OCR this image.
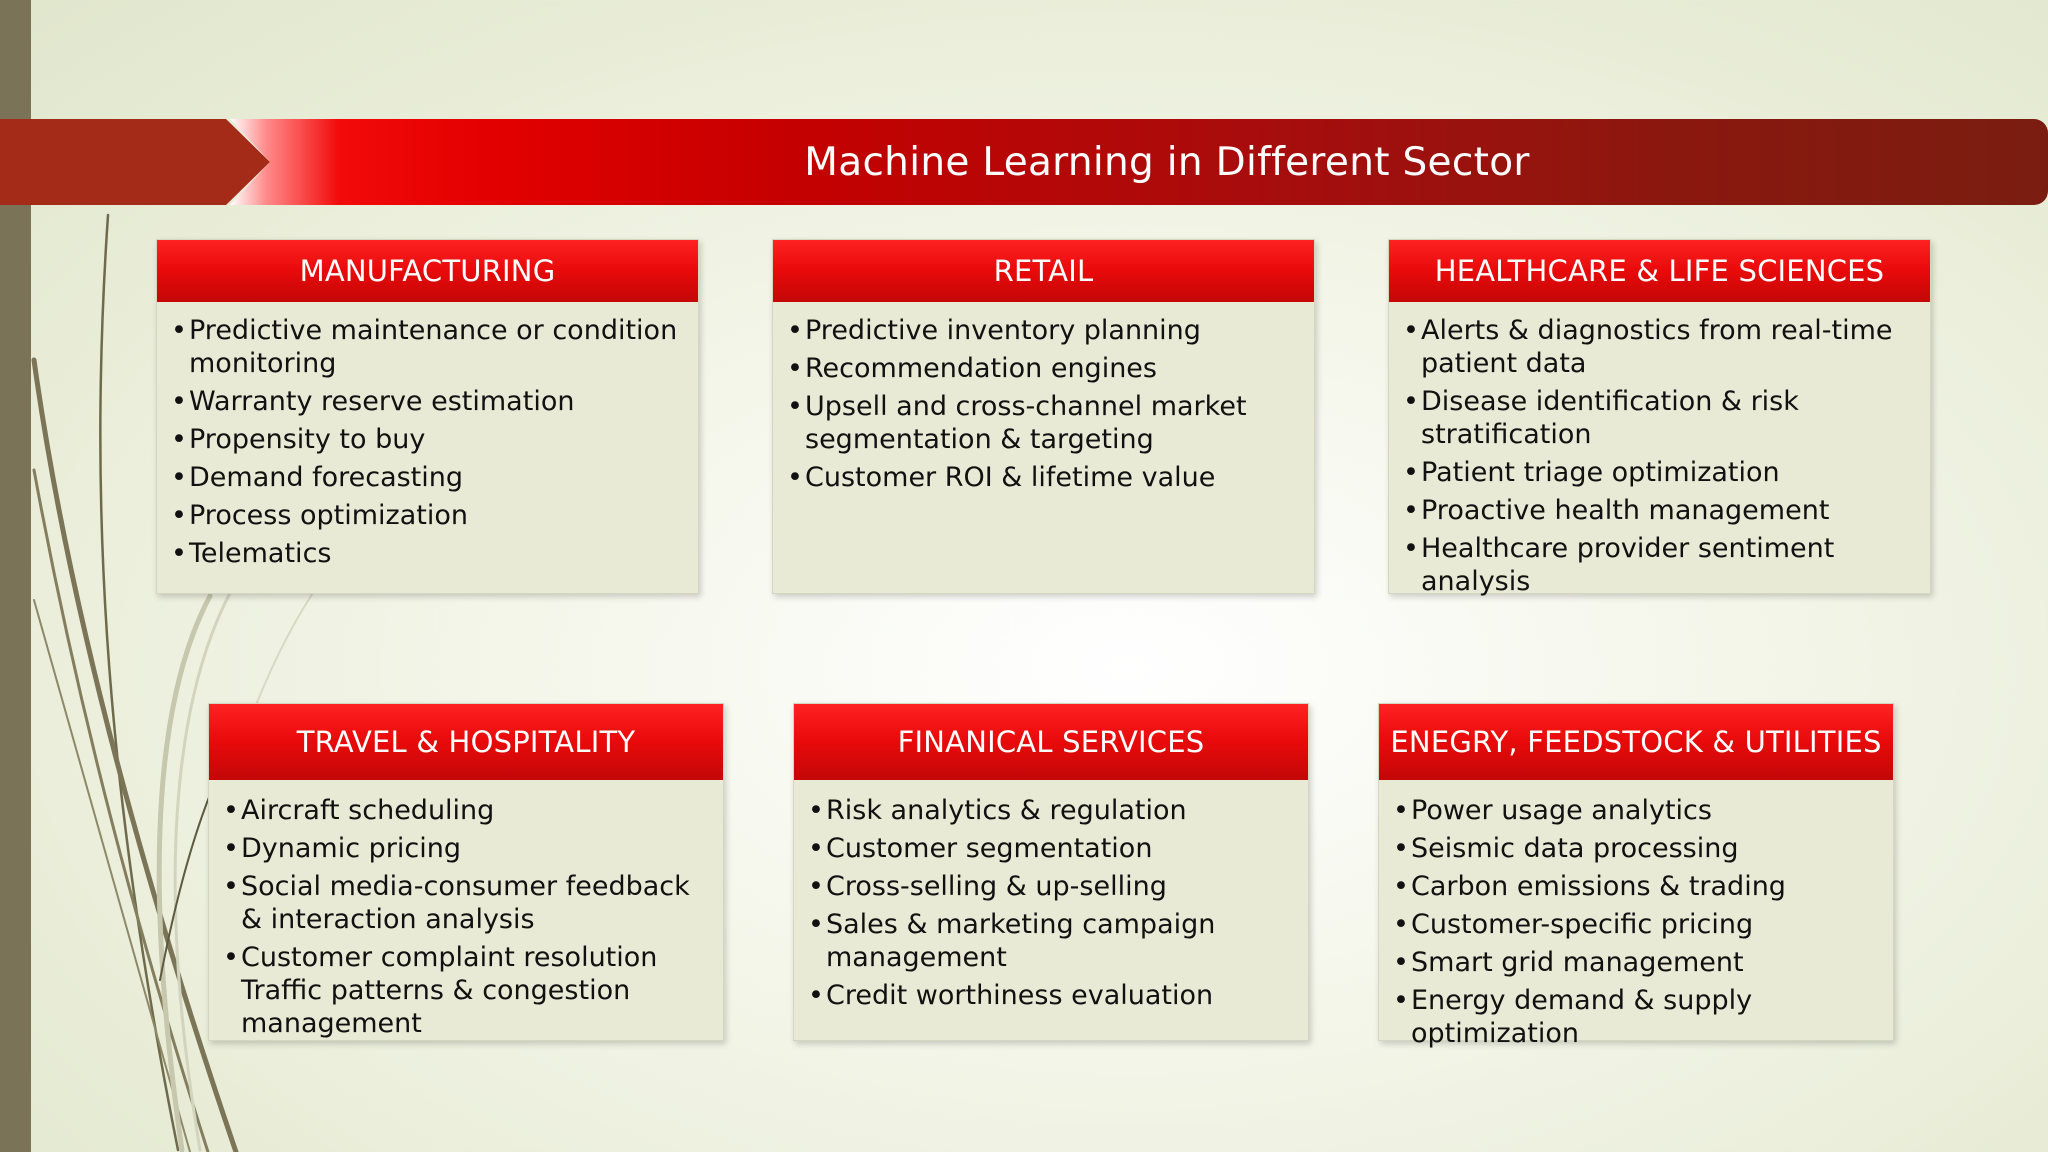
Machine Learning in Different Sector
MANUFACTURING
• Predictive maintenance or condition monitoring
• Warranty reserve estimation
• Propensity to buy
• Demand forecasting
• Process optimization
• Telematics
RETAIL
• Predictive inventory planning
• Recommendation engines
• Upsell and cross-channel market segmentation & targeting
• Customer ROI & lifetime value
HEALTHCARE & LIFE SCIENCES
• Alerts & diagnostics from real-time patient data
• Disease identification & risk stratification
• Patient triage optimization
• Proactive health management
• Healthcare provider sentiment analysis
TRAVEL & HOSPITALITY
• Aircraft scheduling
• Dynamic pricing
• Social media-consumer feedback & interaction analysis
• Customer complaint resolution Traffic patterns & congestion management
FINANICAL SERVICES
• Risk analytics & regulation
• Customer segmentation
• Cross-selling & up-selling
• Sales & marketing campaign management
• Credit worthiness evaluation
ENEGRY, FEEDSTOCK & UTILITIES
• Power usage analytics
• Seismic data processing
• Carbon emissions & trading
• Customer-specific pricing
• Smart grid management
• Energy demand & supply optimization
